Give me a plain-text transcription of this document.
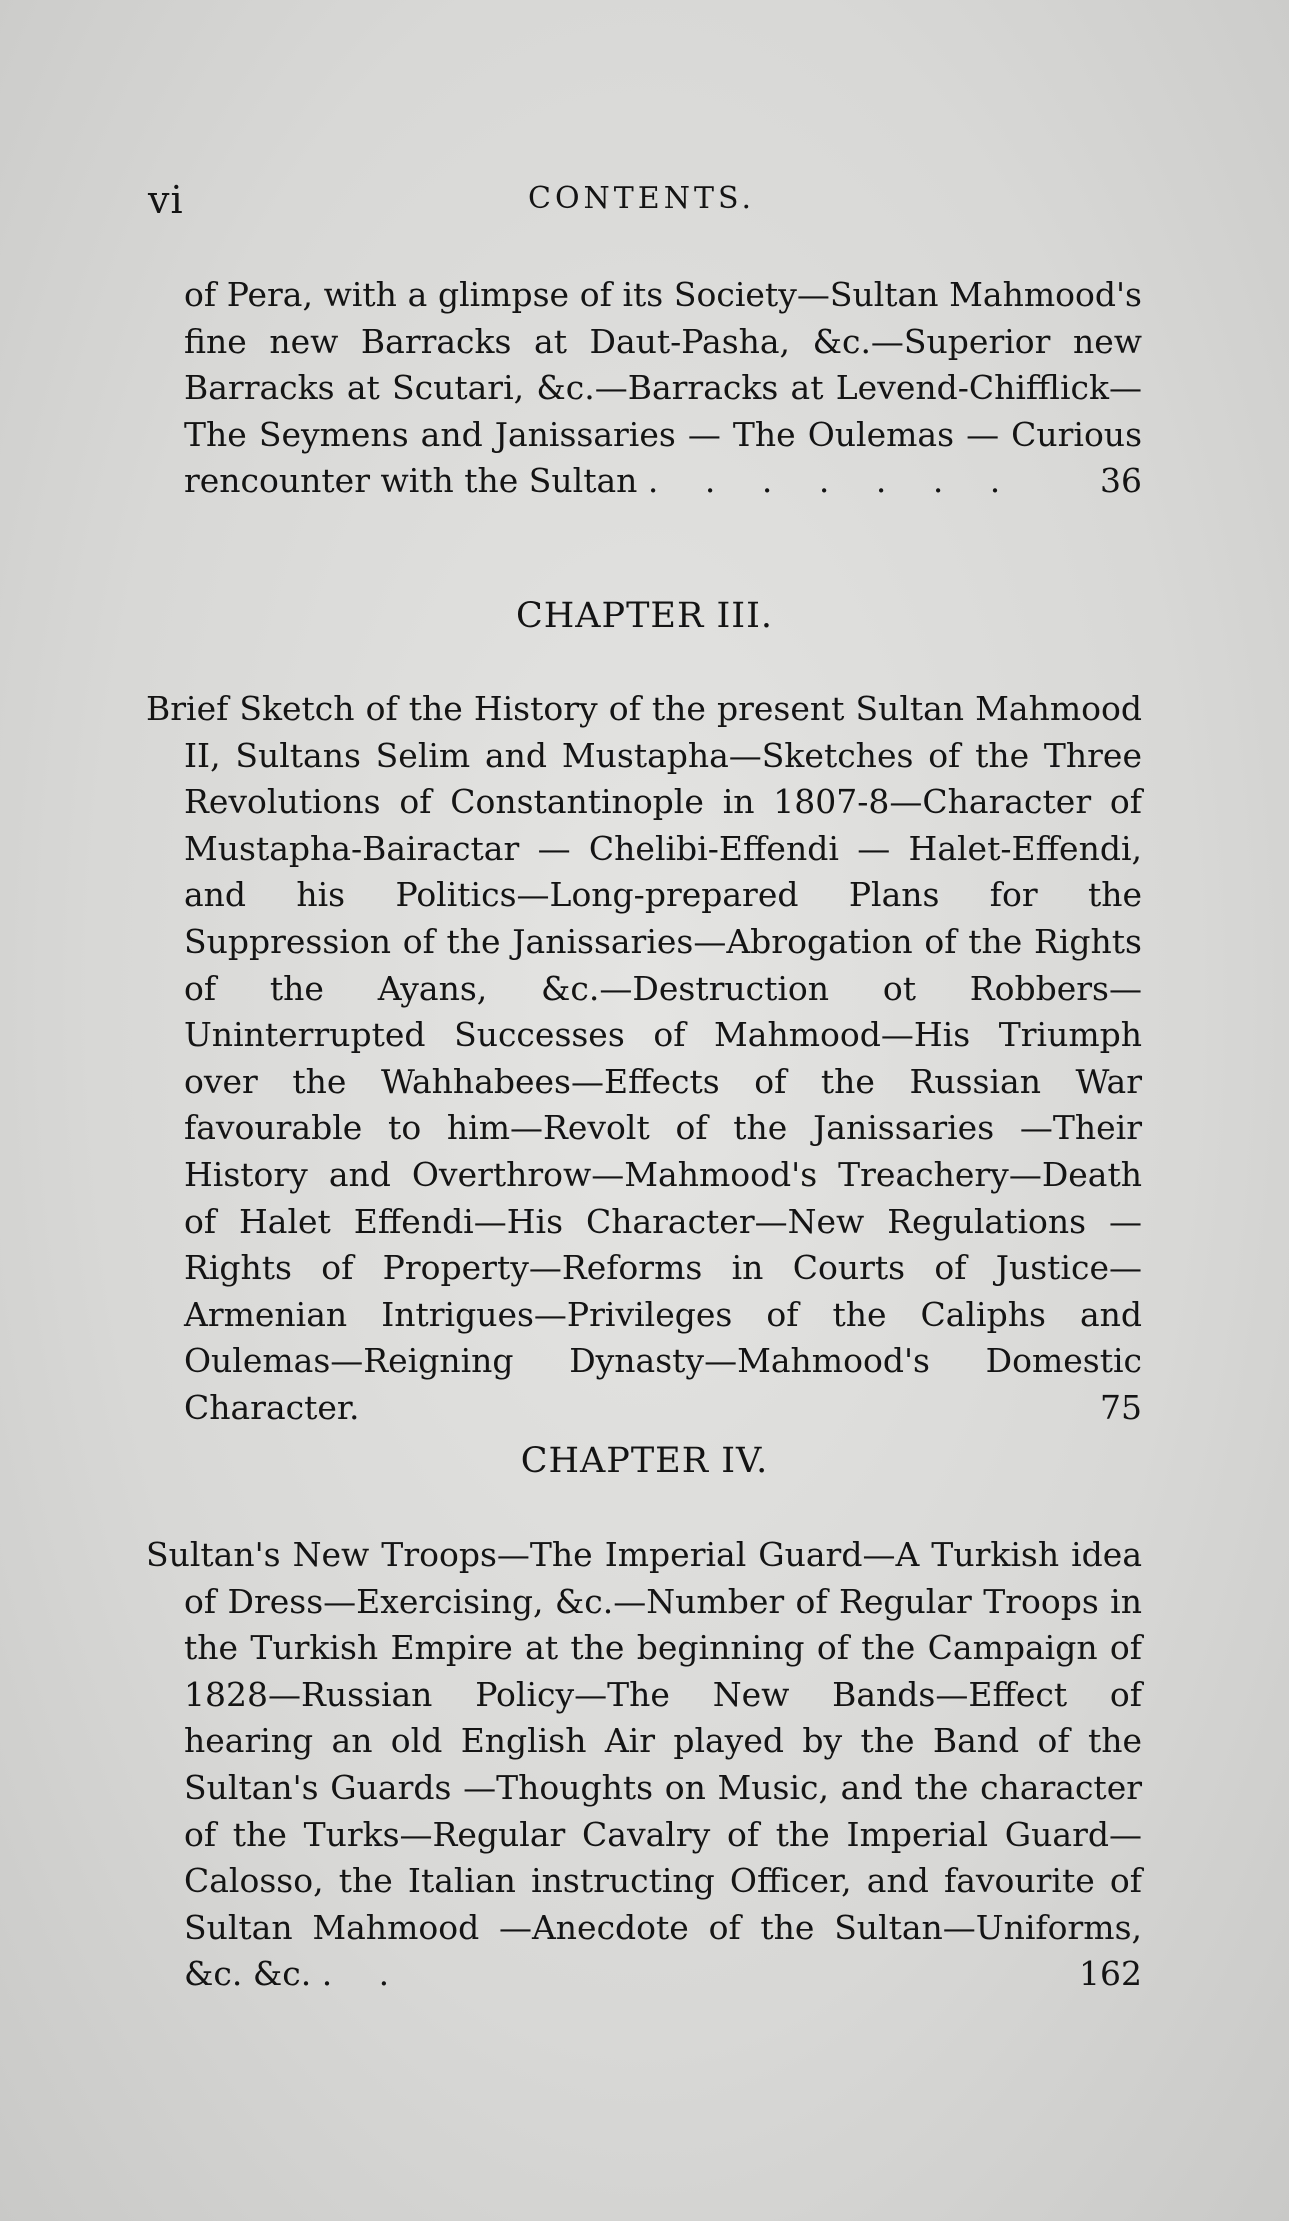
vi	CONTENTS.
of Pera, with a glimpse of its Society—Sultan Mahmood's fine new Barracks at Daut-Pasha, &c.—Superior new Barracks at Scutari, &c.—Barracks at Levend-Chifflick—The Seymens and Janissaries — The Oulemas — Curious rencounter with the Sultan . . . . . . . 36
CHAPTER III.
Brief Sketch of the History of the present Sultan Mahmood II, Sultans Selim and Mustapha—Sketches of the Three Revolutions of Constantinople in 1807-8—Character of Mustapha-Bairactar — Chelibi-Effendi — Halet-Effendi, and his Politics—Long-prepared Plans for the Suppression of the Janissaries—Abrogation of the Rights of the Ayans, &c.—Destruction ot Robbers—Uninterrupted Successes of Mahmood—His Triumph over the Wahhabees—Effects of the Russian War favourable to him—Revolt of the Janissaries —Their History and Overthrow—Mahmood's Treachery—Death of Halet Effendi—His Character—New Regulations —Rights of Property—Reforms in Courts of Justice—Armenian Intrigues—Privileges of the Caliphs and Oulemas—Reigning Dynasty—Mahmood's Domestic Character.	75
CHAPTER IV.
Sultan's New Troops—The Imperial Guard—A Turkish idea of Dress—Exercising, &c.—Number of Regular Troops in the Turkish Empire at the beginning of the Campaign of 1828—Russian Policy—The New Bands—Effect of hearing an old English Air played by the Band of the Sultan's Guards —Thoughts on Music, and the character of the Turks—Regular Cavalry of the Imperial Guard—Calosso, the Italian instructing Officer, and favourite of Sultan Mahmood —Anecdote of the Sultan—Uniforms, &c. &c. . .	162
